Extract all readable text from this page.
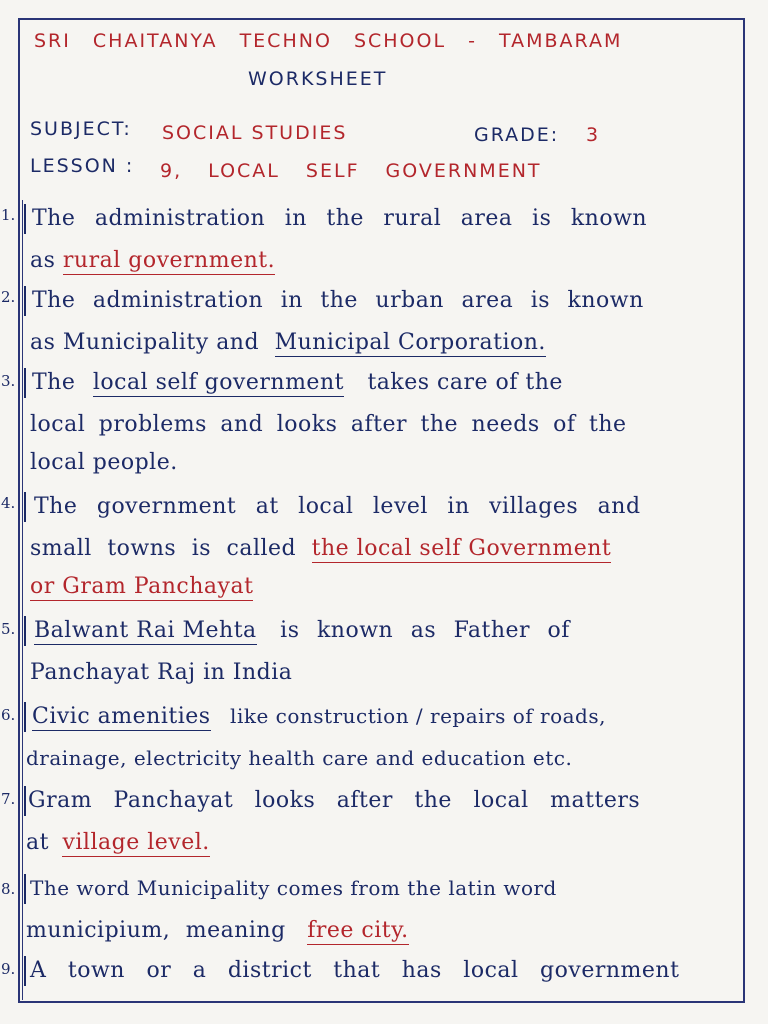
SRI CHAITANYA TECHNO SCHOOL - TAMBARAM
WORKSHEET
SUBJECT: SOCIAL STUDIES	GRADE: 3
LESSON : 9, LOCAL SELF GOVERNMENT
1. The administration in the rural area is known
as rural government.
2. The administration in the urban area is known
as Municipality and Municipal Corporation.
3. The local self government takes care of the
local problems and looks after the needs of the
local people.
4. The government at local level in villages and
small towns is called the local self Government
or Gram Panchayat
5. Balwant Rai Mehta is known as Father of
Panchayat Raj in India
6. Civic amenities like construction / repairs of roads,
drainage, electricity health care and education etc.
7. Gram Panchayat looks after the local matters
at village level.
8. The word Municipality comes from the latin word
municipium, meaning free city.
9. A town or a district that has local government
